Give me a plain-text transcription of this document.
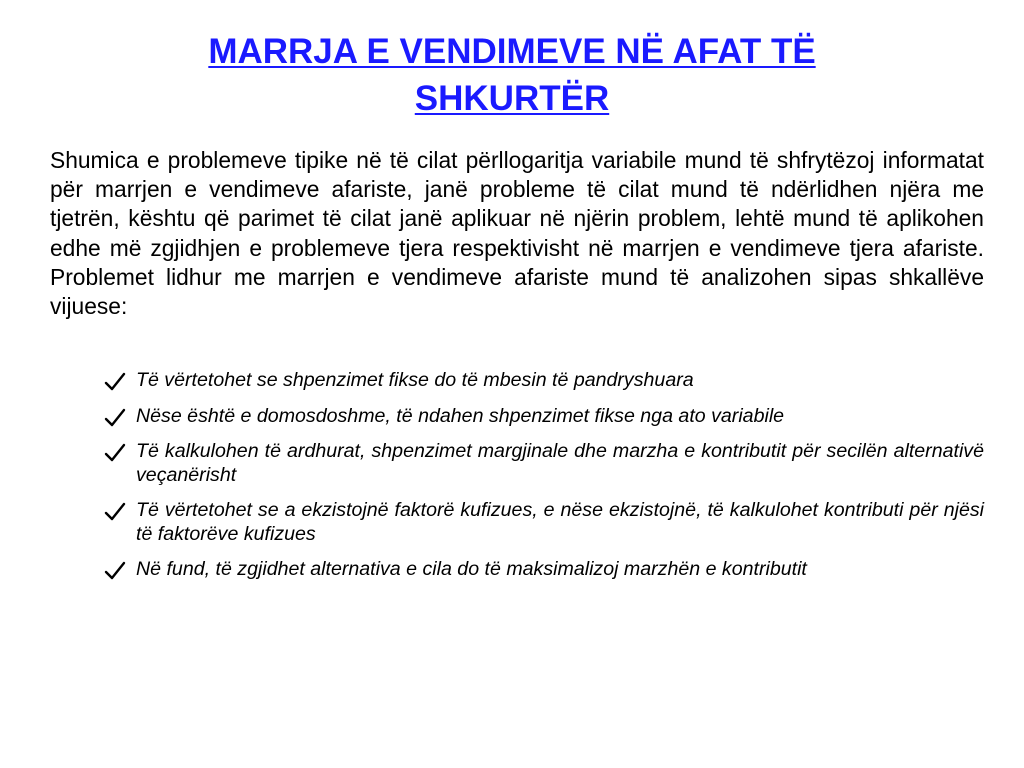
MARRJA E VENDIMEVE NË AFAT TË
SHKURTËR

Shumica e problemeve tipike në të cilat përllogaritja variabile mund të shfrytëzoj informatat për marrjen e vendimeve afariste, janë probleme të cilat mund të ndërlidhen njëra me tjetrën, kështu që parimet të cilat janë aplikuar në njërin problem, lehtë mund të aplikohen edhe më zgjidhjen e problemeve tjera respektivisht në marrjen e vendimeve tjera afariste. Problemet lidhur me marrjen e vendimeve afariste mund të analizohen sipas shkallëve vijuese:

Të vërtetohet se shpenzimet fikse do të mbesin të pandryshuara
Nëse është e domosdoshme, të ndahen shpenzimet fikse nga ato variabile
Të kalkulohen të ardhurat, shpenzimet margjinale dhe marzha e kontributit për secilën alternativë veçanërisht
Të vërtetohet se a ekzistojnë faktorë kufizues, e nëse ekzistojnë, të kalkulohet kontributi për njësi të faktorëve kufizues
Në fund, të zgjidhet alternativa e cila do të maksimalizoj marzhën e kontributit
